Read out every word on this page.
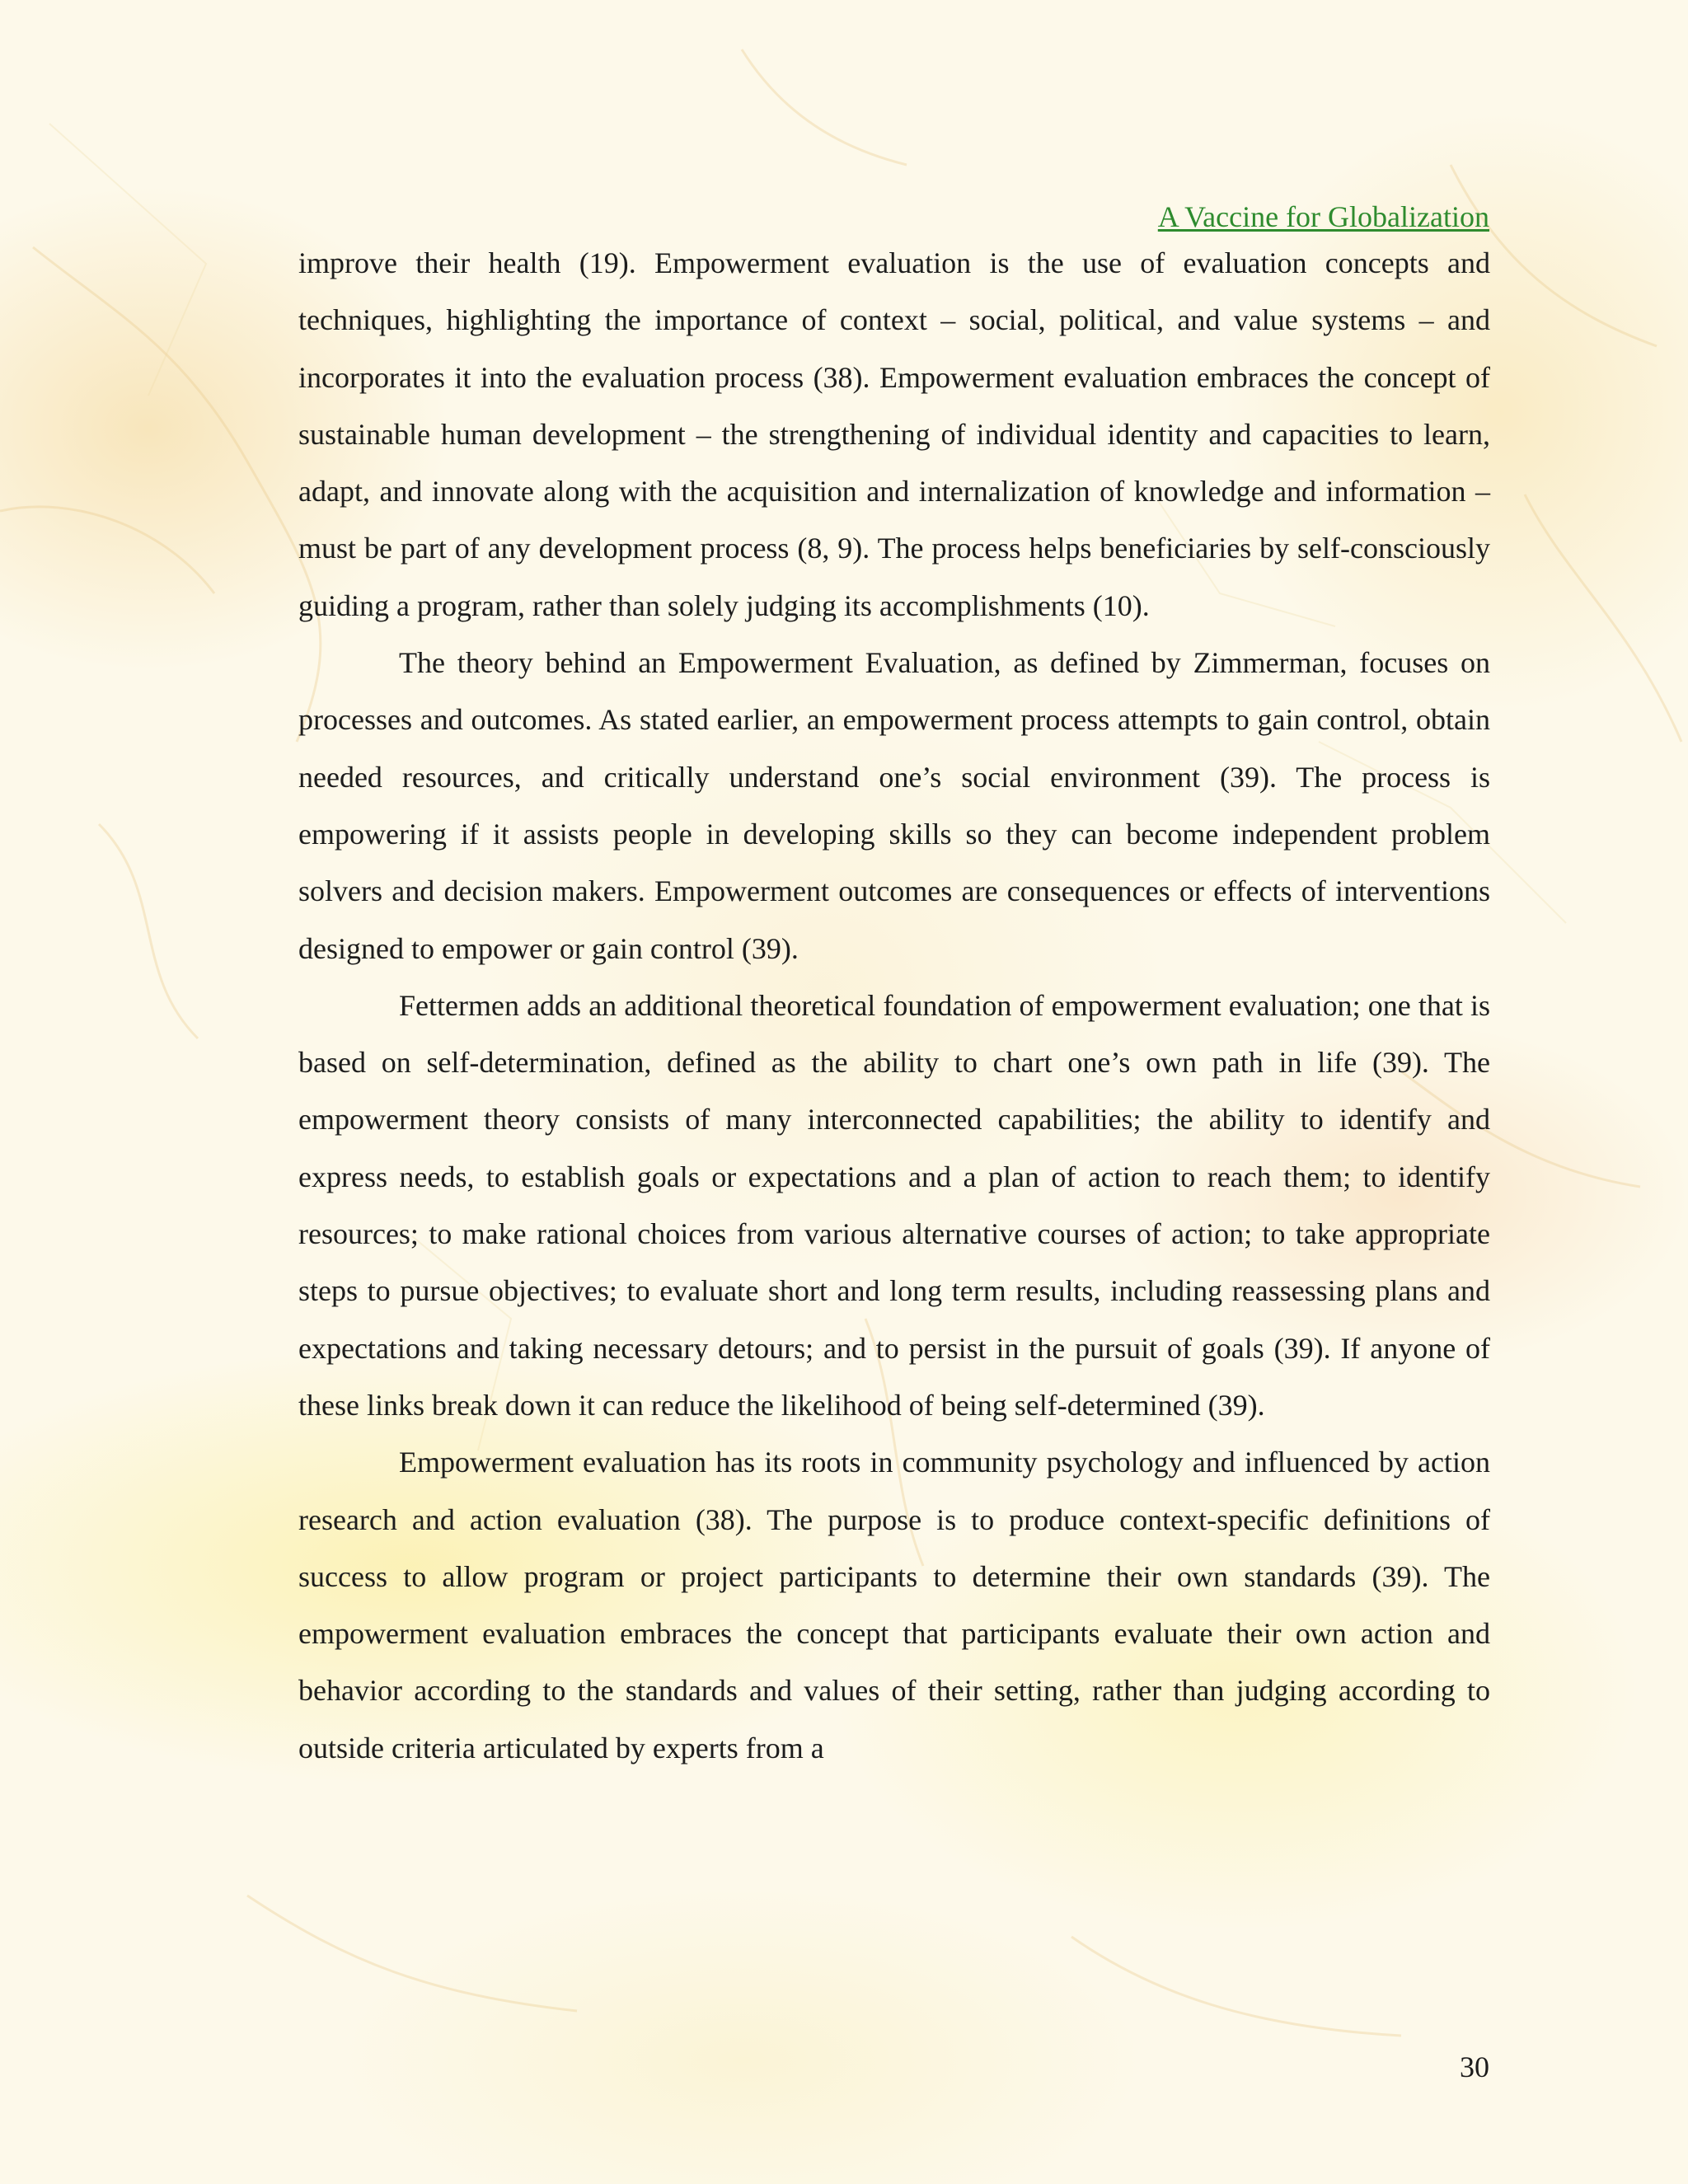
A Vaccine for Globalization

improve their health (19). Empowerment evaluation is the use of evaluation concepts and techniques, highlighting the importance of context – social, political, and value systems – and incorporates it into the evaluation process (38). Empowerment evaluation embraces the concept of sustainable human development – the strengthening of individual identity and capacities to learn, adapt, and innovate along with the acquisition and internalization of knowledge and information – must be part of any development process (8, 9). The process helps beneficiaries by self-consciously guiding a program, rather than solely judging its accomplishments (10).

The theory behind an Empowerment Evaluation, as defined by Zimmerman, focuses on processes and outcomes. As stated earlier, an empowerment process attempts to gain control, obtain needed resources, and critically understand one’s social environment (39). The process is empowering if it assists people in developing skills so they can become independent problem solvers and decision makers. Empowerment outcomes are consequences or effects of interventions designed to empower or gain control (39).

Fettermen adds an additional theoretical foundation of empowerment evaluation; one that is based on self-determination, defined as the ability to chart one’s own path in life (39). The empowerment theory consists of many interconnected capabilities; the ability to identify and express needs, to establish goals or expectations and a plan of action to reach them; to identify resources; to make rational choices from various alternative courses of action; to take appropriate steps to pursue objectives; to evaluate short and long term results, including reassessing plans and expectations and taking necessary detours; and to persist in the pursuit of goals (39). If anyone of these links break down it can reduce the likelihood of being self-determined (39).

Empowerment evaluation has its roots in community psychology and influenced by action research and action evaluation (38). The purpose is to produce context-specific definitions of success to allow program or project participants to determine their own standards (39). The empowerment evaluation embraces the concept that participants evaluate their own action and behavior according to the standards and values of their setting, rather than judging according to outside criteria articulated by experts from a

30
